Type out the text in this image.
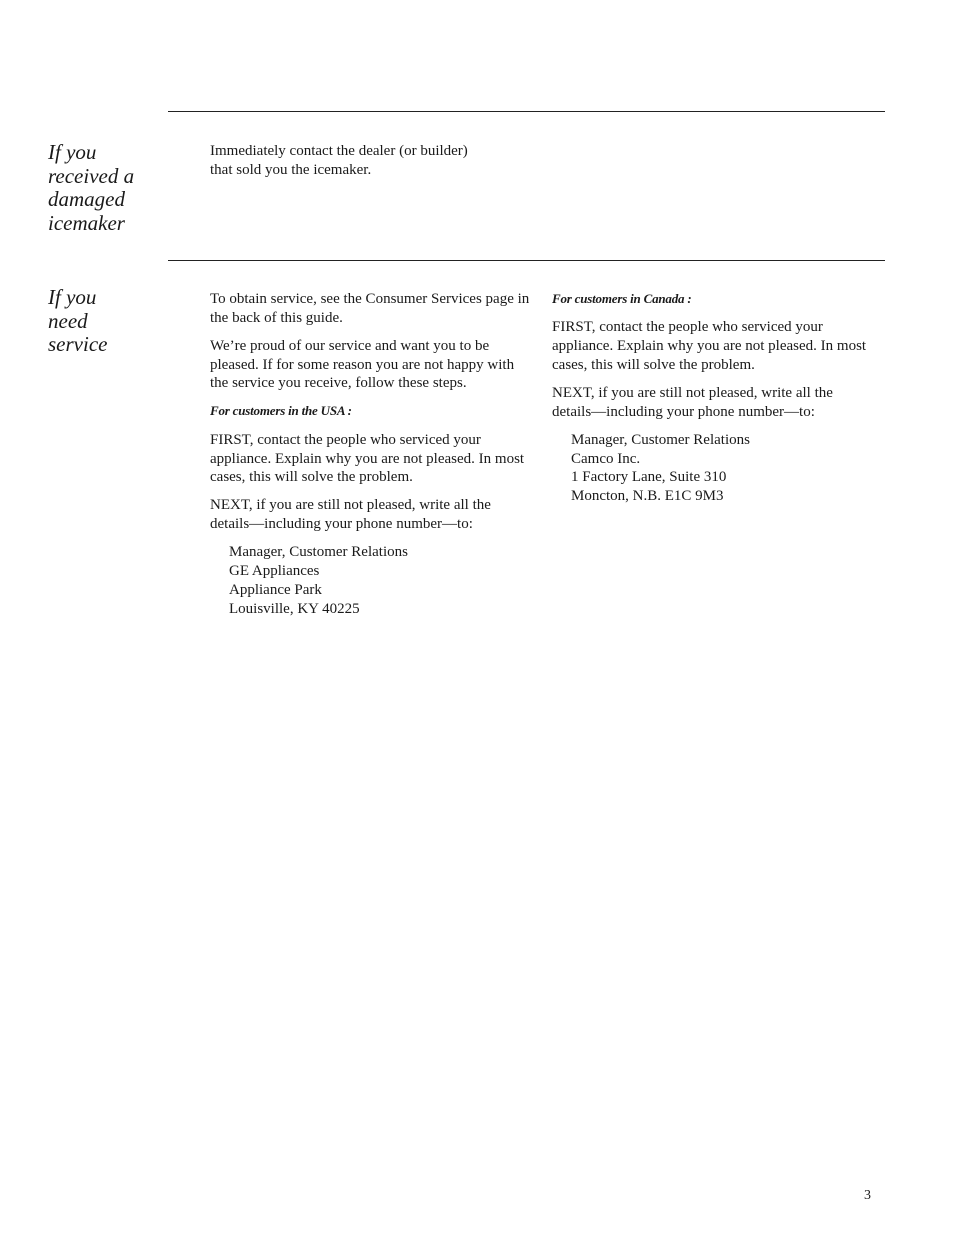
If you
received a
damaged
icemaker

Immediately contact the dealer (or builder)
that sold you the icemaker.

If you
need
service

To obtain service, see the Consumer Services page in the back of this guide.

We’re proud of our service and want you to be pleased. If for some reason you are not happy with the service you receive, follow these steps.

For customers in the USA :

FIRST, contact the people who serviced your appliance. Explain why you are not pleased. In most cases, this will solve the problem.

NEXT, if you are still not pleased, write all the details—including your phone number—to:

Manager, Customer Relations
GE Appliances
Appliance Park
Louisville, KY 40225

For customers in Canada :

FIRST, contact the people who serviced your appliance. Explain why you are not pleased. In most cases, this will solve the problem.

NEXT, if you are still not pleased, write all the details—including your phone number—to:

Manager, Customer Relations
Camco Inc.
1 Factory Lane, Suite 310
Moncton, N.B. E1C 9M3
3
